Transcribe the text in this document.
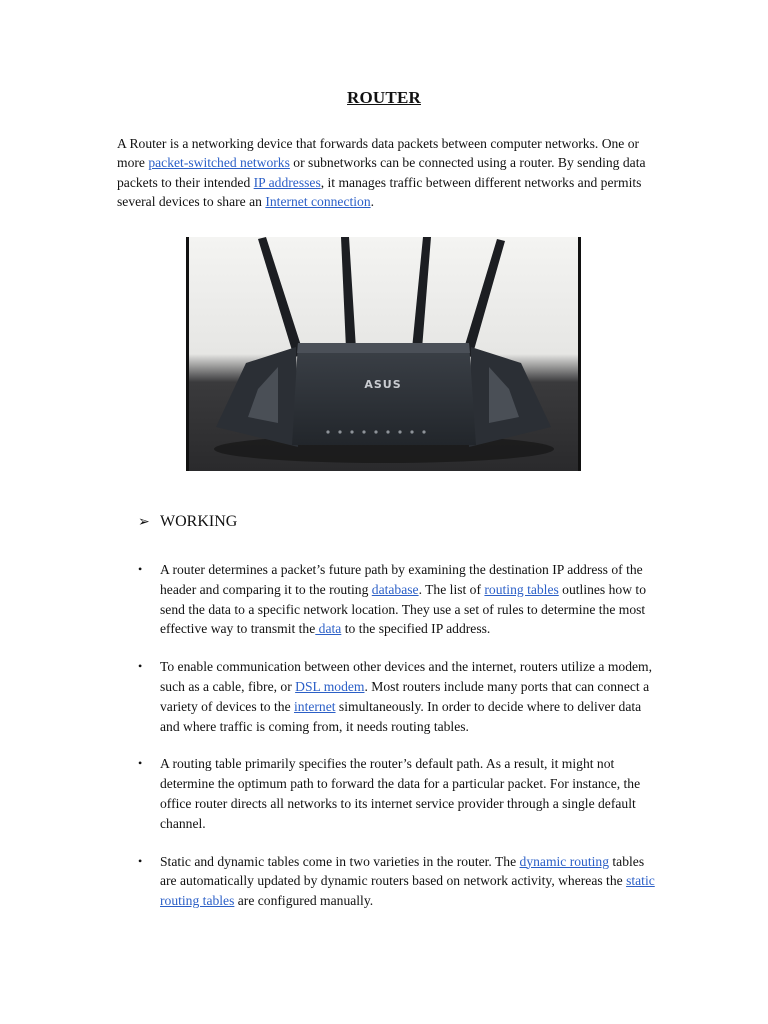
ROUTER

A Router is a networking device that forwards data packets between computer networks. One or more packet-switched networks or subnetworks can be connected using a router. By sending data packets to their intended IP addresses, it manages traffic between different networks and permits several devices to share an Internet connection.

ASUS
➢ WORKING
• A router determines a packet’s future path by examining the destination IP address of the header and comparing it to the routing database. The list of routing tables outlines how to send the data to a specific network location. They use a set of rules to determine the most effective way to transmit the data to the specified IP address.
• To enable communication between other devices and the internet, routers utilize a modem, such as a cable, fibre, or DSL modem. Most routers include many ports that can connect a variety of devices to the internet simultaneously. In order to decide where to deliver data and where traffic is coming from, it needs routing tables.
• A routing table primarily specifies the router’s default path. As a result, it might not determine the optimum path to forward the data for a particular packet. For instance, the office router directs all networks to its internet service provider through a single default channel.
• Static and dynamic tables come in two varieties in the router. The dynamic routing tables are automatically updated by dynamic routers based on network activity, whereas the static routing tables are configured manually.
